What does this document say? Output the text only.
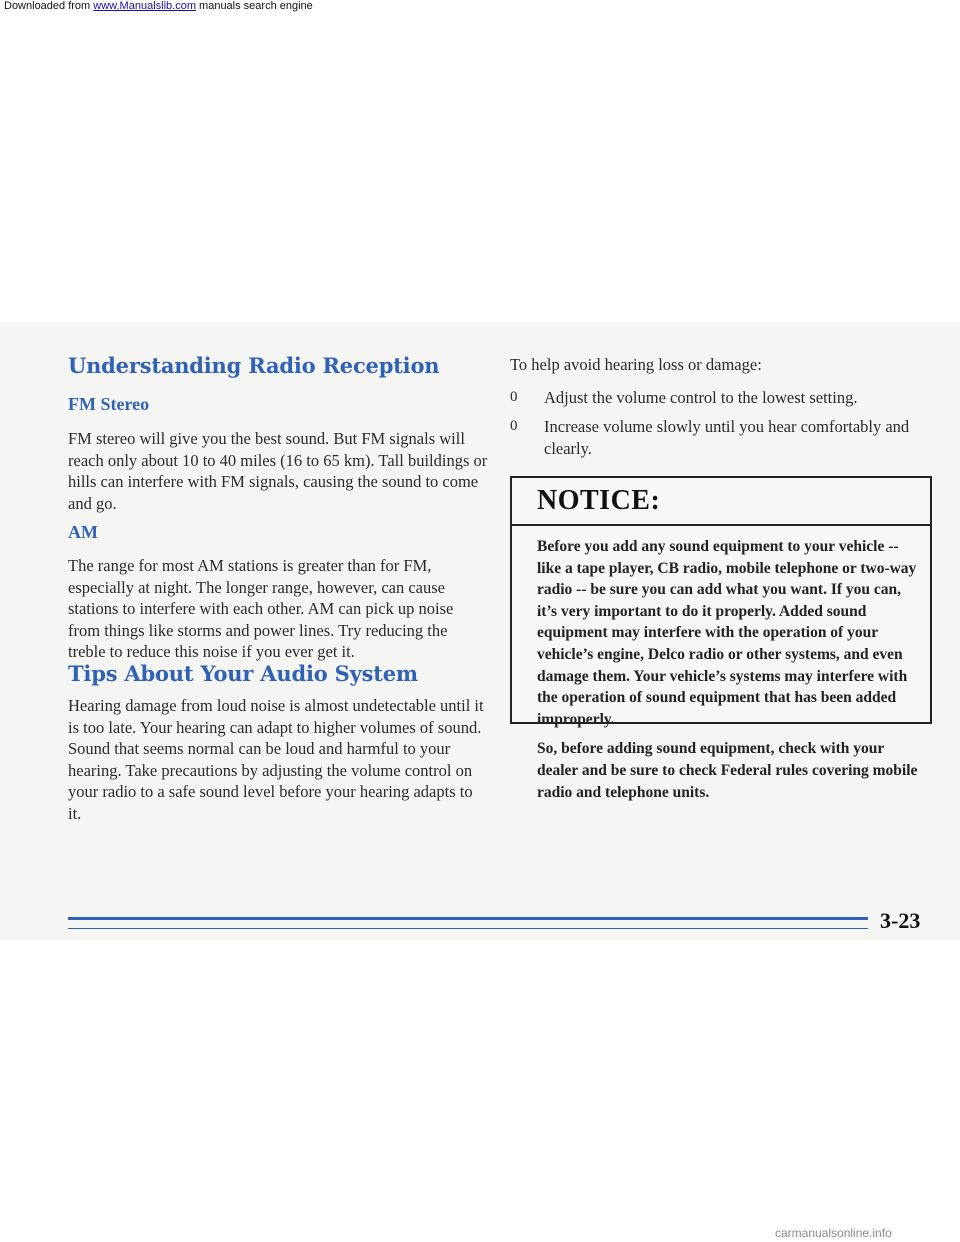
Downloaded from www.Manualslib.com manuals search engine
Understanding Radio Reception
FM Stereo

FM stereo will give you the best sound. But FM signals will reach only about 10 to 40 miles (16 to 65 km). Tall buildings or hills can interfere with FM signals, causing the sound to come and go.

AM

The range for most AM stations is greater than for FM, especially at night. The longer range, however, can cause stations to interfere with each other. AM can pick up noise from things like storms and power lines. Try reducing the treble to reduce this noise if you ever get it.

Tips About Your Audio System

Hearing damage from loud noise is almost undetectable until it is too late. Your hearing can adapt to higher volumes of sound. Sound that seems normal can be loud and harmful to your hearing. Take precautions by adjusting the volume control on your radio to a safe sound level before your hearing adapts to it.

To help avoid hearing loss or damage:

0	Adjust the volume control to the lowest setting.
0	Increase volume slowly until you hear comfortably and clearly.
NOTICE:

Before you add any sound equipment to your vehicle -- like a tape player, CB radio, mobile telephone or two-way radio -- be sure you can add what you want. If you can, it’s very important to do it properly. Added sound equipment may interfere with the operation of your vehicle’s engine, Delco radio or other systems, and even damage them. Your vehicle’s systems may interfere with the operation of sound equipment that has been added improperly.

So, before adding sound equipment, check with your dealer and be sure to check Federal rules covering mobile radio and telephone units.

3-23
carmanualsonline.info
